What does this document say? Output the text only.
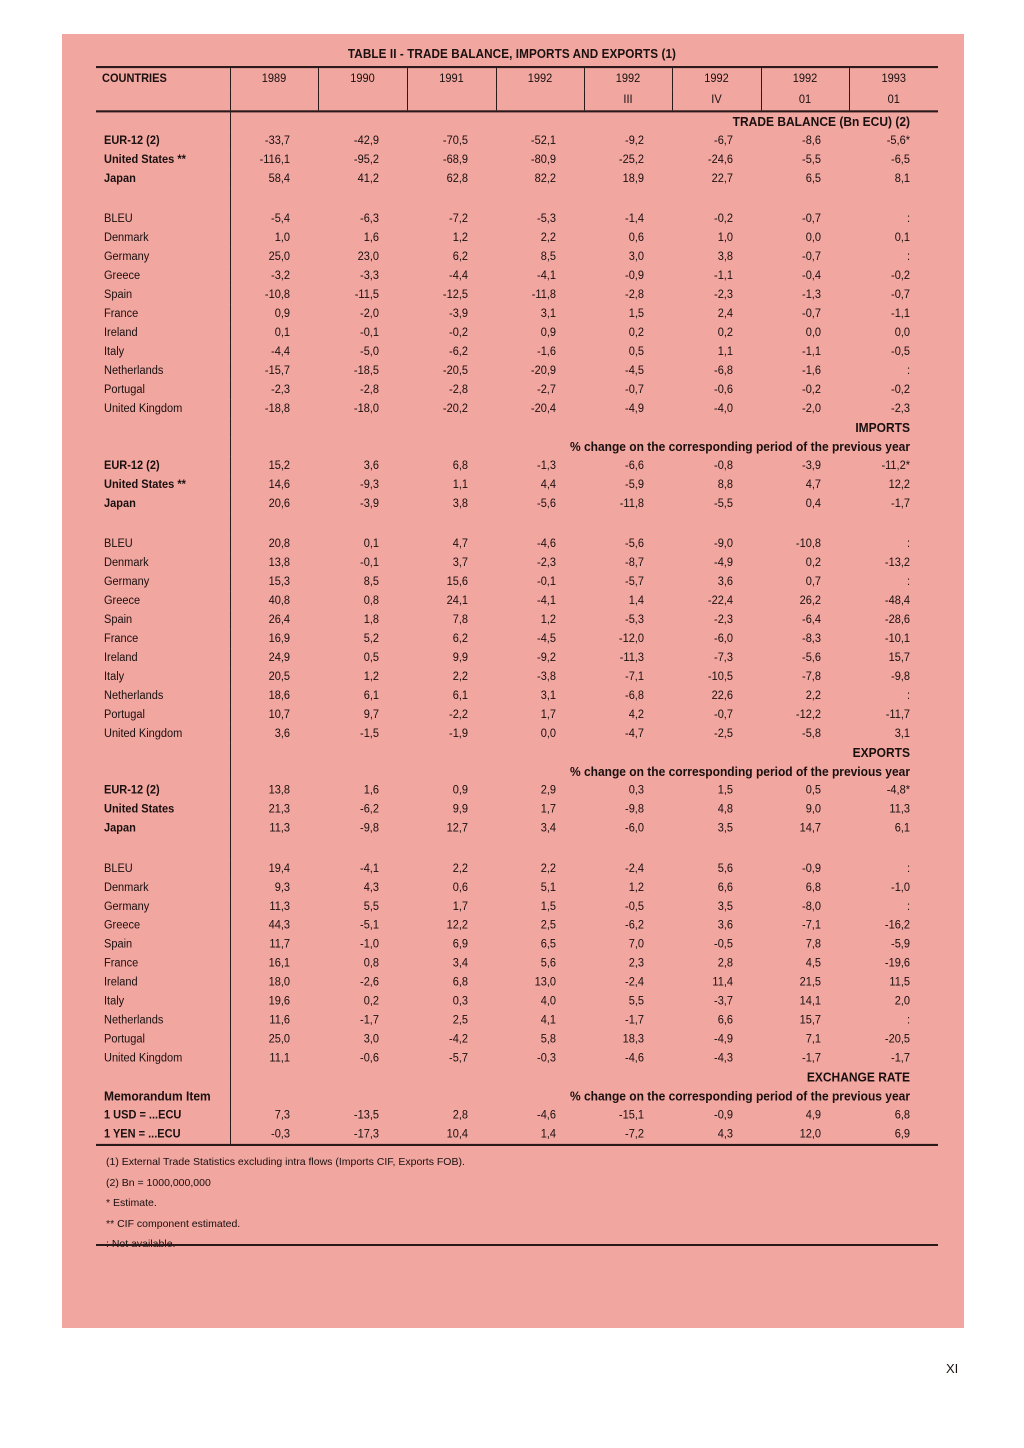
TABLE II - TRADE BALANCE, IMPORTS AND EXPORTS (1)
COUNTRIES	1989	1990	1991	1992	1992	1992	1992	1993
					III	IV	01	01
	TRADE BALANCE (Bn ECU) (2)							
EUR-12 (2)	-33,7	-42,9	-70,5	-52,1	-9,2	-6,7	-8,6	-5,6*
United States **	-116,1	-95,2	-68,9	-80,9	-25,2	-24,6	-5,5	-6,5
Japan	58,4	41,2	62,8	82,2	18,9	22,7	6,5	8,1

BLEU	-5,4	-6,3	-7,2	-5,3	-1,4	-0,2	-0,7	:
Denmark	1,0	1,6	1,2	2,2	0,6	1,0	0,0	0,1
Germany	25,0	23,0	6,2	8,5	3,0	3,8	-0,7	:
Greece	-3,2	-3,3	-4,4	-4,1	-0,9	-1,1	-0,4	-0,2
Spain	-10,8	-11,5	-12,5	-11,8	-2,8	-2,3	-1,3	-0,7
France	0,9	-2,0	-3,9	3,1	1,5	2,4	-0,7	-1,1
Ireland	0,1	-0,1	-0,2	0,9	0,2	0,2	0,0	0,0
Italy	-4,4	-5,0	-6,2	-1,6	0,5	1,1	-1,1	-0,5
Netherlands	-15,7	-18,5	-20,5	-20,9	-4,5	-6,8	-1,6	:
Portugal	-2,3	-2,8	-2,8	-2,7	-0,7	-0,6	-0,2	-0,2
United Kingdom	-18,8	-18,0	-20,2	-20,4	-4,9	-4,0	-2,0	-2,3
	IMPORTS							
	% change on the corresponding period of the previous year							
EUR-12 (2)	15,2	3,6	6,8	-1,3	-6,6	-0,8	-3,9	-11,2*
United States **	14,6	-9,3	1,1	4,4	-5,9	8,8	4,7	12,2
Japan	20,6	-3,9	3,8	-5,6	-11,8	-5,5	0,4	-1,7

BLEU	20,8	0,1	4,7	-4,6	-5,6	-9,0	-10,8	:
Denmark	13,8	-0,1	3,7	-2,3	-8,7	-4,9	0,2	-13,2
Germany	15,3	8,5	15,6	-0,1	-5,7	3,6	0,7	:
Greece	40,8	0,8	24,1	-4,1	1,4	-22,4	26,2	-48,4
Spain	26,4	1,8	7,8	1,2	-5,3	-2,3	-6,4	-28,6
France	16,9	5,2	6,2	-4,5	-12,0	-6,0	-8,3	-10,1
Ireland	24,9	0,5	9,9	-9,2	-11,3	-7,3	-5,6	15,7
Italy	20,5	1,2	2,2	-3,8	-7,1	-10,5	-7,8	-9,8
Netherlands	18,6	6,1	6,1	3,1	-6,8	22,6	2,2	:
Portugal	10,7	9,7	-2,2	1,7	4,2	-0,7	-12,2	-11,7
United Kingdom	3,6	-1,5	-1,9	0,0	-4,7	-2,5	-5,8	3,1
	EXPORTS							
	% change on the corresponding period of the previous year							
EUR-12 (2)	13,8	1,6	0,9	2,9	0,3	1,5	0,5	-4,8*
United States	21,3	-6,2	9,9	1,7	-9,8	4,8	9,0	11,3
Japan	11,3	-9,8	12,7	3,4	-6,0	3,5	14,7	6,1

BLEU	19,4	-4,1	2,2	2,2	-2,4	5,6	-0,9	:
Denmark	9,3	4,3	0,6	5,1	1,2	6,6	6,8	-1,0
Germany	11,3	5,5	1,7	1,5	-0,5	3,5	-8,0	:
Greece	44,3	-5,1	12,2	2,5	-6,2	3,6	-7,1	-16,2
Spain	11,7	-1,0	6,9	6,5	7,0	-0,5	7,8	-5,9
France	16,1	0,8	3,4	5,6	2,3	2,8	4,5	-19,6
Ireland	18,0	-2,6	6,8	13,0	-2,4	11,4	21,5	11,5
Italy	19,6	0,2	0,3	4,0	5,5	-3,7	14,1	2,0
Netherlands	11,6	-1,7	2,5	4,1	-1,7	6,6	15,7	:
Portugal	25,0	3,0	-4,2	5,8	18,3	-4,9	7,1	-20,5
United Kingdom	11,1	-0,6	-5,7	-0,3	-4,6	-4,3	-1,7	-1,7
	EXCHANGE RATE							
Memorandum Item	% change on the corresponding period of the previous year							
1 USD = ...ECU	7,3	-13,5	2,8	-4,6	-15,1	-0,9	4,9	6,8
1 YEN = ...ECU	-0,3	-17,3	10,4	1,4	-7,2	4,3	12,0	6,9
(1) External Trade Statistics excluding intra flows (Imports CIF, Exports FOB).
(2) Bn = 1000,000,000
* Estimate.
** CIF component estimated.
: Not available.
XI
